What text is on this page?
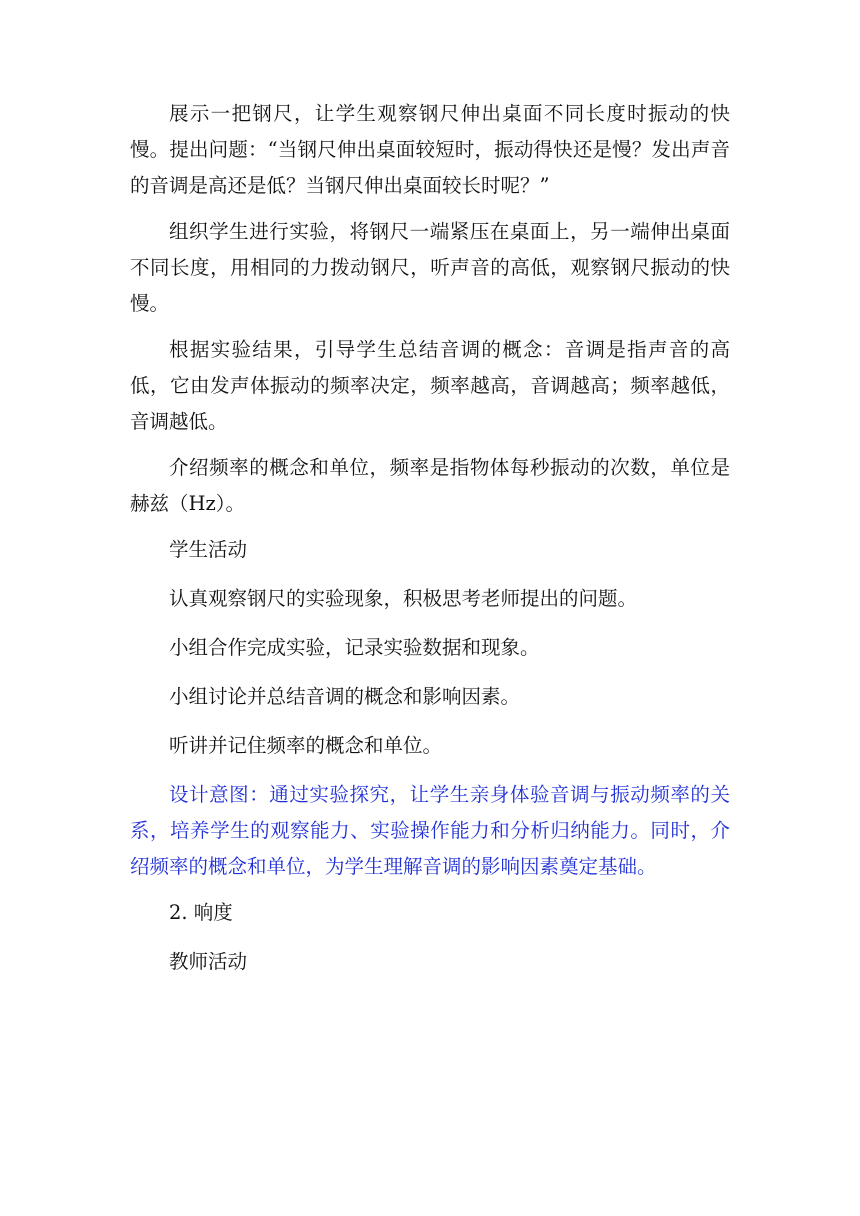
展示一把钢尺，让学生观察钢尺伸出桌面不同长度时振动的快慢。提出问题：“当钢尺伸出桌面较短时，振动得快还是慢？发出声音的音调是高还是低？当钢尺伸出桌面较长时呢？”

组织学生进行实验，将钢尺一端紧压在桌面上，另一端伸出桌面不同长度，用相同的力拨动钢尺，听声音的高低，观察钢尺振动的快慢。

根据实验结果，引导学生总结音调的概念：音调是指声音的高低，它由发声体振动的频率决定，频率越高，音调越高；频率越低，音调越低。

介绍频率的概念和单位，频率是指物体每秒振动的次数，单位是赫兹（Hz）。

学生活动

认真观察钢尺的实验现象，积极思考老师提出的问题。

小组合作完成实验，记录实验数据和现象。

小组讨论并总结音调的概念和影响因素。

听讲并记住频率的概念和单位。

设计意图：通过实验探究，让学生亲身体验音调与振动频率的关系，培养学生的观察能力、实验操作能力和分析归纳能力。同时，介绍频率的概念和单位，为学生理解音调的影响因素奠定基础。

2. 响度

教师活动
